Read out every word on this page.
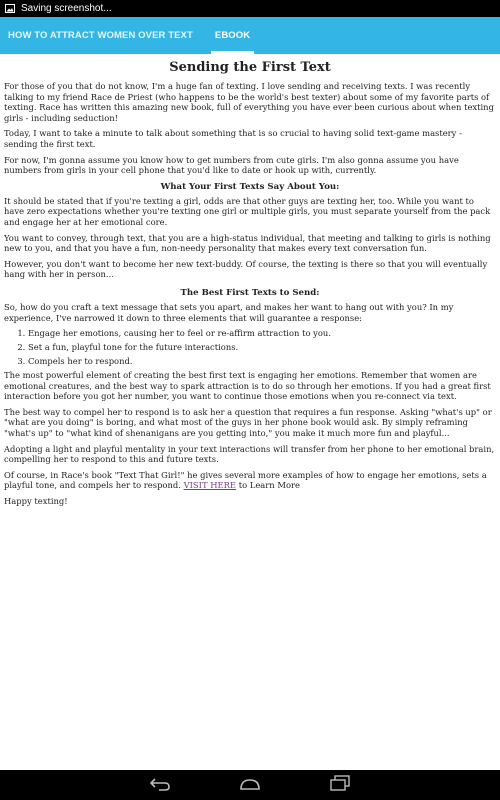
Saving screenshot...
HOW TO ATTRACT WOMEN OVER TEXT EBOOK
Sending the First Text

For those of you that do not know, I'm a huge fan of texting. I love sending and receiving texts. I was recently talking to my friend Race de Priest (who happens to be the world's best texter) about some of my favorite parts of texting. Race has written this amazing new book, full of everything you have ever been curious about when texting girls - including seduction!

Today, I want to take a minute to talk about something that is so crucial to having solid text-game mastery - sending the first text.

For now, I'm gonna assume you know how to get numbers from cute girls. I'm also gonna assume you have numbers from girls in your cell phone that you'd like to date or hook up with, currently.

What Your First Texts Say About You:

It should be stated that if you're texting a girl, odds are that other guys are texting her, too. While you want to have zero expectations whether you're texting one girl or multiple girls, you must separate yourself from the pack and engage her at her emotional core.

You want to convey, through text, that you are a high-status individual, that meeting and talking to girls is nothing new to you, and that you have a fun, non-needy personality that makes every text conversation fun.

However, you don't want to become her new text-buddy. Of course, the texting is there so that you will eventually hang with her in person...

The Best First Texts to Send:

So, how do you craft a text message that sets you apart, and makes her want to hang out with you? In my experience, I've narrowed it down to three elements that will guarantee a response:

1. Engage her emotions, causing her to feel or re-affirm attraction to you.
2. Set a fun, playful tone for the future interactions.
3. Compels her to respond.

The most powerful element of creating the best first text is engaging her emotions. Remember that women are emotional creatures, and the best way to spark attraction is to do so through her emotions. If you had a great first interaction before you got her number, you want to continue those emotions when you re-connect via text.

The best way to compel her to respond is to ask her a question that requires a fun response. Asking "what's up" or "what are you doing" is boring, and what most of the guys in her phone book would ask. By simply reframing "what's up" to "what kind of shenanigans are you getting into," you make it much more fun and playful...

Adopting a light and playful mentality in your text interactions will transfer from her phone to her emotional brain, compelling her to respond to this and future texts.

Of course, in Race's book "Text That Girl!" he gives several more examples of how to engage her emotions, sets a playful tone, and compels her to respond. VISIT HERE to Learn More

Happy texting!
